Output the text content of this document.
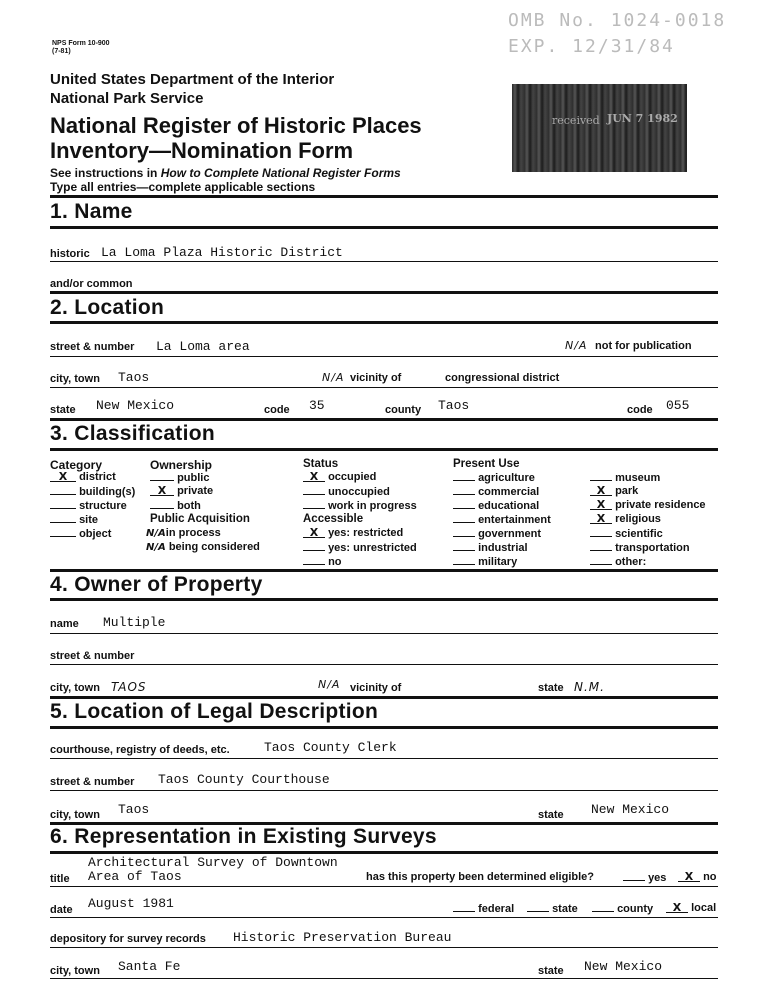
NPS Form 10-900
(7-81)
OMB No. 1024-0018
EXP. 12/31/84
received JUN 7 1982
United States Department of the Interior
National Park Service
National Register of Historic Places
Inventory—Nomination Form
See instructions in How to Complete National Register Forms
Type all entries—complete applicable sections
1. Name
historic La Loma Plaza Historic District
and/or common
2. Location
street & number La Loma area	N/A not for publication
city, town Taos	N/A vicinity of	congressional district
state New Mexico	code 35	county Taos	code 055
3. Classification
Category
X district
building(s)
structure
site
object
Ownership
public
X private
both
Public Acquisition
N/Ain process
N/A being considered
Status
X occupied
unoccupied
work in progress
Accessible
X yes: restricted
yes: unrestricted
no
Present Use
agriculture
commercial
educational
entertainment
government
industrial
military
museum
X park
X private residence
X religious
scientific
transportation
other:
4. Owner of Property
name Multiple
street & number
city, town TAOS	N/A vicinity of	state N.M.
5. Location of Legal Description
courthouse, registry of deeds, etc.	Taos County Clerk
street & number Taos County Courthouse
city, town Taos	state New Mexico
6. Representation in Existing Surveys
Architectural Survey of Downtown
title Area of Taos	has this property been determined eligible?	yes	X no
date August 1981	federal	state	county	X local
depository for survey records Historic Preservation Bureau
city, town Santa Fe	state New Mexico
